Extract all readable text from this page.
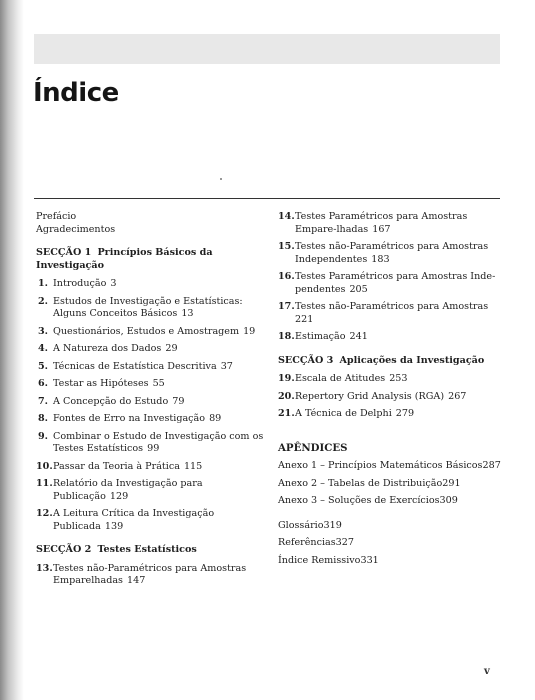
Índice

Prefácio

Agradecimentos

SECÇÃO 1 Princípios Básicos da Investigação

1. Introdução 3
2. Estudos de Investigação e Estatísticas: Alguns Conceitos Básicos 13
3. Questionários, Estudos e Amostragem 19
4. A Natureza dos Dados 29
5. Técnicas de Estatística Descritiva 37
6. Testar as Hipóteses 55
7. A Concepção do Estudo 79
8. Fontes de Erro na Investigação 89
9. Combinar o Estudo de Investigação com os Testes Estatísticos 99
10. Passar da Teoria à Prática 115
11. Relatório da Investigação para Publicação 129
12. A Leitura Crítica da Investigação Publicada 139

SECÇÃO 2 Testes Estatísticos

13. Testes não-Paramétricos para Amostras Emparelhadas 147
14. Testes Paramétricos para Amostras Empare-lhadas 167
15. Testes não-Paramétricos para Amostras Independentes 183
16. Testes Paramétricos para Amostras Inde-pendentes 205
17. Testes não-Paramétricos para Amostras
221
18. Estimação 241

SECÇÃO 3 Aplicações da Investigação

19. Escala de Atitudes 253
20. Repertory Grid Analysis (RGA) 267
21. A Técnica de Delphi 279

APÊNDICES

Anexo 1 – Princípios Matemáticos Básicos287

Anexo 2 – Tabelas de Distribuição291

Anexo 3 – Soluções de Exercícios309

Glossário319

Referências327

Índice Remissivo331

v
